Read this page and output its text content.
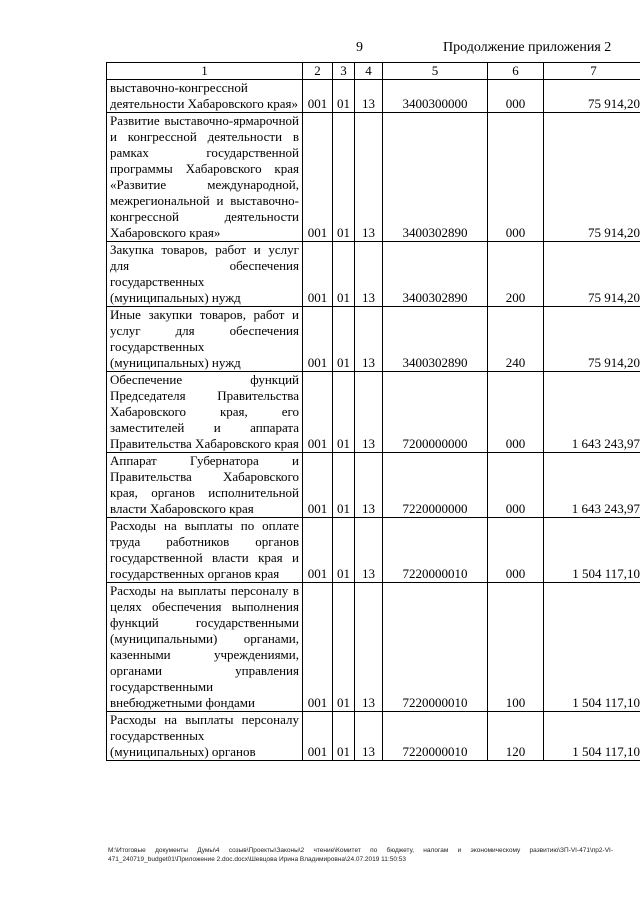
9	Продолжение приложения 2
1	2	3	4	5	6	7
выставочно-конгрессной деятельности Хабаровского края»	001	01	13	3400300000	000	75 914,20
Развитие выставочно-ярмарочной и конгрессной деятельности в рамках государственной программы Хабаровского края «Развитие международной, межрегиональной и выставочно-конгрессной деятельности Хабаровского края»	001	01	13	3400302890	000	75 914,20
Закупка товаров, работ и услуг для обеспечения государственных (муниципальных) нужд	001	01	13	3400302890	200	75 914,20
Иные закупки товаров, работ и услуг для обеспечения государственных (муниципальных) нужд	001	01	13	3400302890	240	75 914,20
Обеспечение функций Председателя Правительства Хабаровского края, его заместителей и аппарата Правительства Хабаровского края	001	01	13	7200000000	000	1 643 243,97
Аппарат Губернатора и Правительства Хабаровского края, органов исполнительной власти Хабаровского края	001	01	13	7220000000	000	1 643 243,97
Расходы на выплаты по оплате труда работников органов государственной власти края и государственных органов края	001	01	13	7220000010	000	1 504 117,10
Расходы на выплаты персоналу в целях обеспечения выполнения функций государственными (муниципальными) органами, казенными учреждениями, органами управления государственными внебюджетными фондами	001	01	13	7220000010	100	1 504 117,10
Расходы на выплаты персоналу государственных (муниципальных) органов	001	01	13	7220000010	120	1 504 117,10
M:\Итоговые документы Думы\4 созыв\Проекты\Законы\2 чтение\Комитет по бюджету, налогам и экономическому развитию\ЗП-VI-471\пр2-VI-471_240719_budget01\Приложение 2.doc.docx\Шевцова Ирина Владимировна\24.07.2019 11:50:53
